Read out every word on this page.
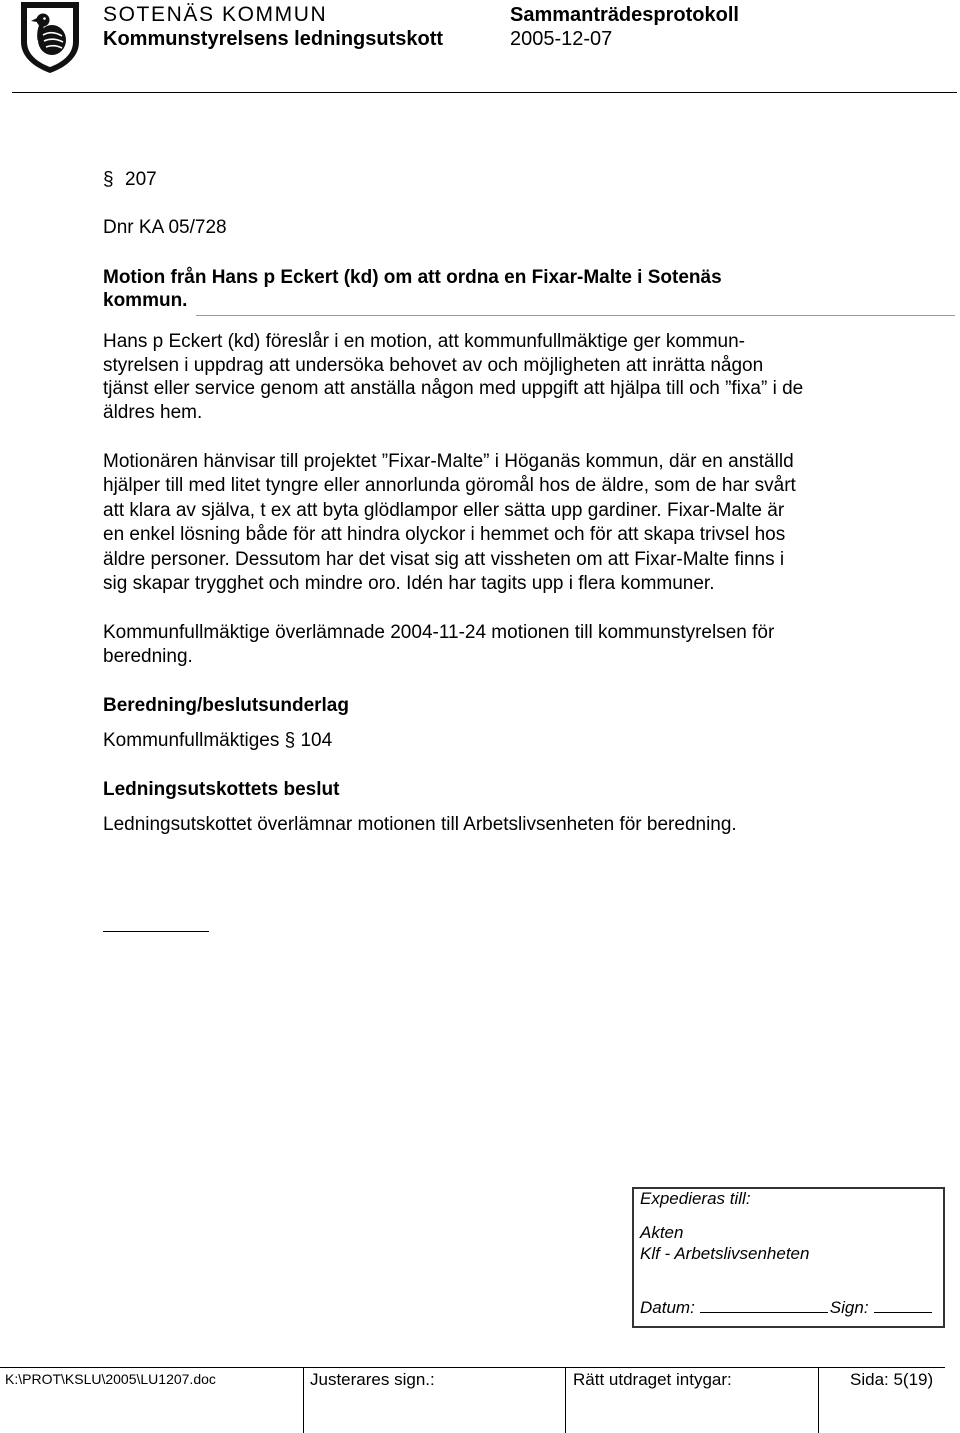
SOTENÄS KOMMUN	Sammanträdesprotokoll
Kommunstyrelsens ledningsutskott	2005-12-07
§ 207
Dnr KA 05/728
Motion från Hans p Eckert (kd) om att ordna en Fixar-Malte i Sotenäs
kommun.
Hans p Eckert (kd) föreslår i en motion, att kommunfullmäktige ger kommun-
styrelsen i uppdrag att undersöka behovet av och möjligheten att inrätta någon
tjänst eller service genom att anställa någon med uppgift att hjälpa till och ”fixa” i de
äldres hem.
Motionären hänvisar till projektet ”Fixar-Malte” i Höganäs kommun, där en anställd
hjälper till med litet tyngre eller annorlunda göromål hos de äldre, som de har svårt
att klara av själva, t ex att byta glödlampor eller sätta upp gardiner. Fixar-Malte är
en enkel lösning både för att hindra olyckor i hemmet och för att skapa trivsel hos
äldre personer. Dessutom har det visat sig att vissheten om att Fixar-Malte finns i
sig skapar trygghet och mindre oro. Idén har tagits upp i flera kommuner.
Kommunfullmäktige överlämnade 2004-11-24 motionen till kommunstyrelsen för
beredning.
Beredning/beslutsunderlag
Kommunfullmäktiges § 104
Ledningsutskottets beslut
Ledningsutskottet överlämnar motionen till Arbetslivsenheten för beredning.
Expedieras till:
Akten
Klf - Arbetslivsenheten
Datum:	Sign:
K:\PROT\KSLU\2005\LU1207.doc	Justerares sign.:	Rätt utdraget intygar:	Sida: 5(19)
